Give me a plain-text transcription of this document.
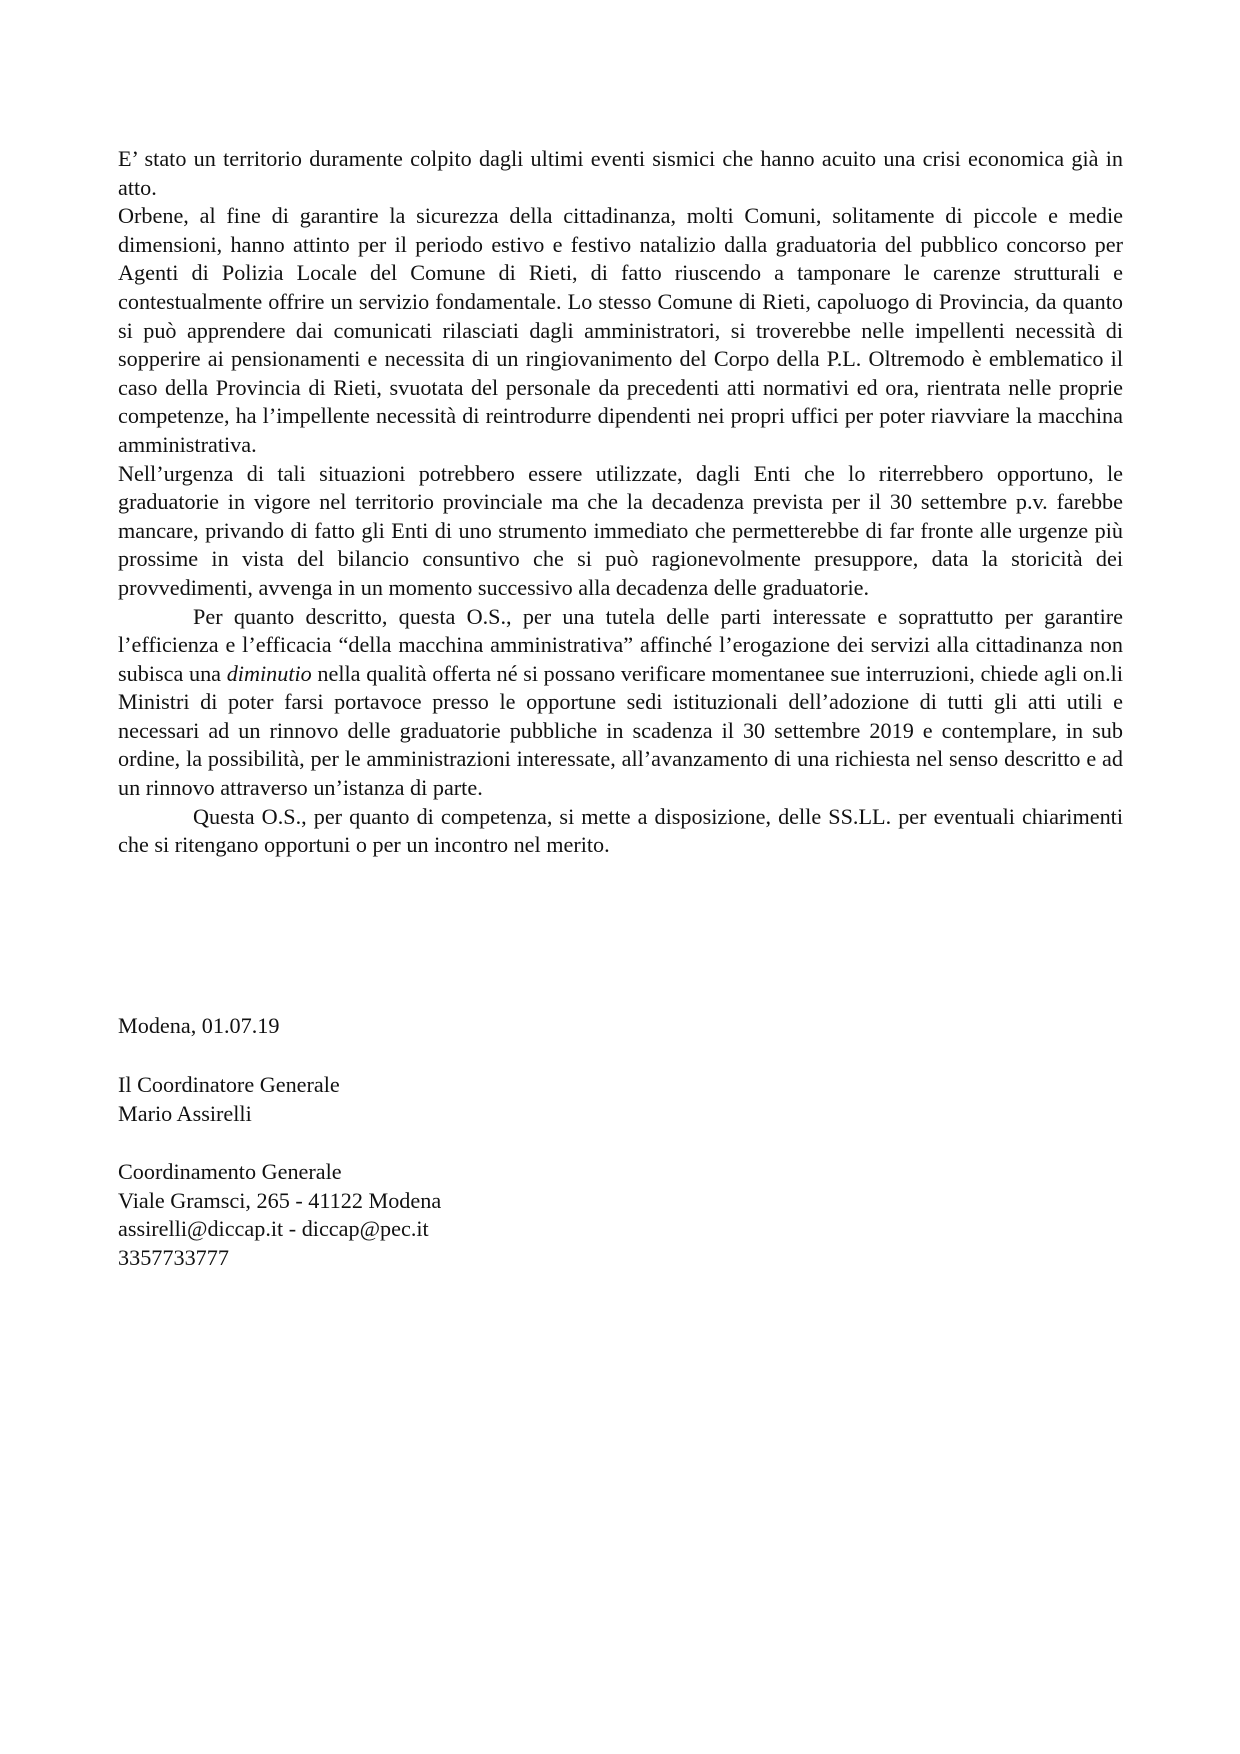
E’ stato un territorio duramente colpito dagli ultimi eventi sismici che hanno acuito una crisi economica già in atto.

Orbene, al fine di garantire la sicurezza della cittadinanza, molti Comuni, solitamente di piccole e medie dimensioni, hanno attinto per il periodo estivo e festivo natalizio dalla graduatoria del pubblico concorso per Agenti di Polizia Locale del Comune di Rieti, di fatto riuscendo a tamponare le carenze strutturali e contestualmente offrire un servizio fondamentale. Lo stesso Comune di Rieti, capoluogo di Provincia, da quanto si può apprendere dai comunicati rilasciati dagli amministratori, si troverebbe nelle impellenti necessità di sopperire ai pensionamenti e necessita di un ringiovanimento del Corpo della P.L. Oltremodo è emblematico il caso della Provincia di Rieti, svuotata del personale da precedenti atti normativi ed ora, rientrata nelle proprie competenze, ha l’impellente necessità di reintrodurre dipendenti nei propri uffici per poter riavviare la macchina amministrativa.

Nell’urgenza di tali situazioni potrebbero essere utilizzate, dagli Enti che lo riterrebbero opportuno, le graduatorie in vigore nel territorio provinciale ma che la decadenza prevista per il 30 settembre p.v. farebbe mancare, privando di fatto gli Enti di uno strumento immediato che permetterebbe di far fronte alle urgenze più prossime in vista del bilancio consuntivo che si può ragionevolmente presuppore, data la storicità dei provvedimenti, avvenga in un momento successivo alla decadenza delle graduatorie.

Per quanto descritto, questa O.S., per una tutela delle parti interessate e soprattutto per garantire l’efficienza e l’efficacia “della macchina amministrativa” affinché l’erogazione dei servizi alla cittadinanza non subisca una diminutio nella qualità offerta né si possano verificare momentanee sue interruzioni, chiede agli on.li Ministri di poter farsi portavoce presso le opportune sedi istituzionali dell’adozione di tutti gli atti utili e necessari ad un rinnovo delle graduatorie pubbliche in scadenza il 30 settembre 2019 e contemplare, in sub ordine, la possibilità, per le amministrazioni interessate, all’avanzamento di una richiesta nel senso descritto e ad un rinnovo attraverso un’istanza di parte.

Questa O.S., per quanto di competenza, si mette a disposizione, delle SS.LL. per eventuali chiarimenti che si ritengano opportuni o per un incontro nel merito.

Modena, 01.07.19

Il Coordinatore Generale
Mario Assirelli
Coordinamento Generale
Viale Gramsci, 265 - 41122 Modena
assirelli@diccap.it - diccap@pec.it
3357733777
